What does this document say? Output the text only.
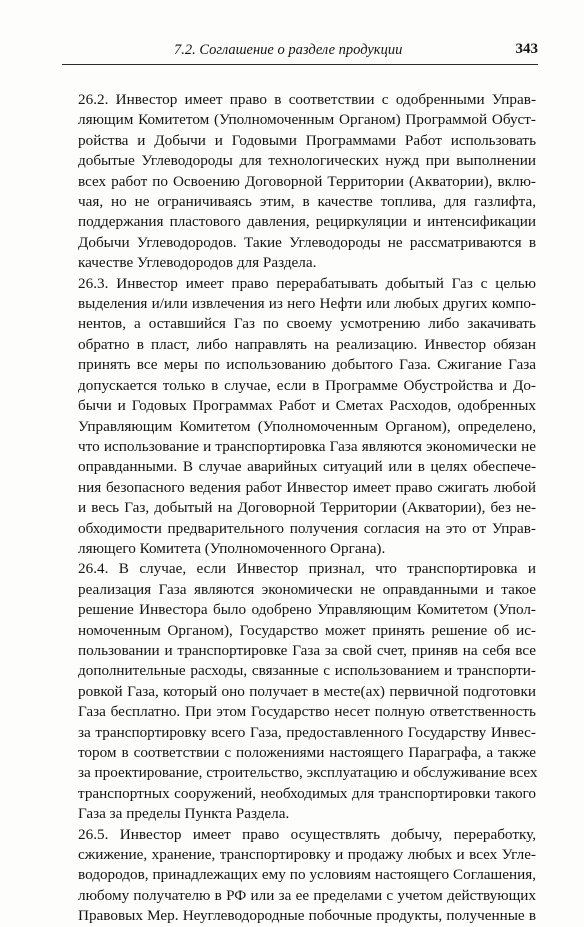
7.2. Соглашение о разделе продукции	343

26.2. Инвестор имеет право в соответствии с одобренными Управ-
ляющим Комитетом (Уполномоченным Органом) Программой Обуст-
ройства и Добычи и Годовыми Программами Работ использовать
добытые Углеводороды для технологических нужд при выполнении
всех работ по Освоению Договорной Территории (Акватории), вклю-
чая, но не ограничиваясь этим, в качестве топлива, для газлифта,
поддержания пластового давления, рециркуляции и интенсификации
Добычи Углеводородов. Такие Углеводороды не рассматриваются в
качестве Углеводородов для Раздела.

26.3. Инвестор имеет право перерабатывать добытый Газ с целью
выделения и/или извлечения из него Нефти или любых других компо-
нентов, а оставшийся Газ по своему усмотрению либо закачивать
обратно в пласт, либо направлять на реализацию. Инвестор обязан
принять все меры по использованию добытого Газа. Сжигание Газа
допускается только в случае, если в Программе Обустройства и До-
бычи и Годовых Программах Работ и Сметах Расходов, одобренных
Управляющим Комитетом (Уполномоченным Органом), определено,
что использование и транспортировка Газа являются экономически не
оправданными. В случае аварийных ситуаций или в целях обеспече-
ния безопасного ведения работ Инвестор имеет право сжигать любой
и весь Газ, добытый на Договорной Территории (Акватории), без не-
обходимости предварительного получения согласия на это от Управ-
ляющего Комитета (Уполномоченного Органа).

26.4. В случае, если Инвестор признал, что транспортировка и
реализация Газа являются экономически не оправданными и такое
решение Инвестора было одобрено Управляющим Комитетом (Упол-
номоченным Органом), Государство может принять решение об ис-
пользовании и транспортировке Газа за свой счет, приняв на себя все
дополнительные расходы, связанные с использованием и транспорти-
ровкой Газа, который оно получает в месте(ах) первичной подготовки
Газа бесплатно. При этом Государство несет полную ответственность
за транспортировку всего Газа, предоставленного Государству Инвес-
тором в соответствии с положениями настоящего Параграфа, а также
за проектирование, строительство, эксплуатацию и обслуживание всех
транспортных сооружений, необходимых для транспортировки такого
Газа за пределы Пункта Раздела.

26.5. Инвестор имеет право осуществлять добычу, переработку,
сжижение, хранение, транспортировку и продажу любых и всех Угле-
водородов, принадлежащих ему по условиям настоящего Соглашения,
любому получателю в РФ или за ее пределами с учетом действующих
Правовых Мер. Неуглеводородные побочные продукты, полученные в
